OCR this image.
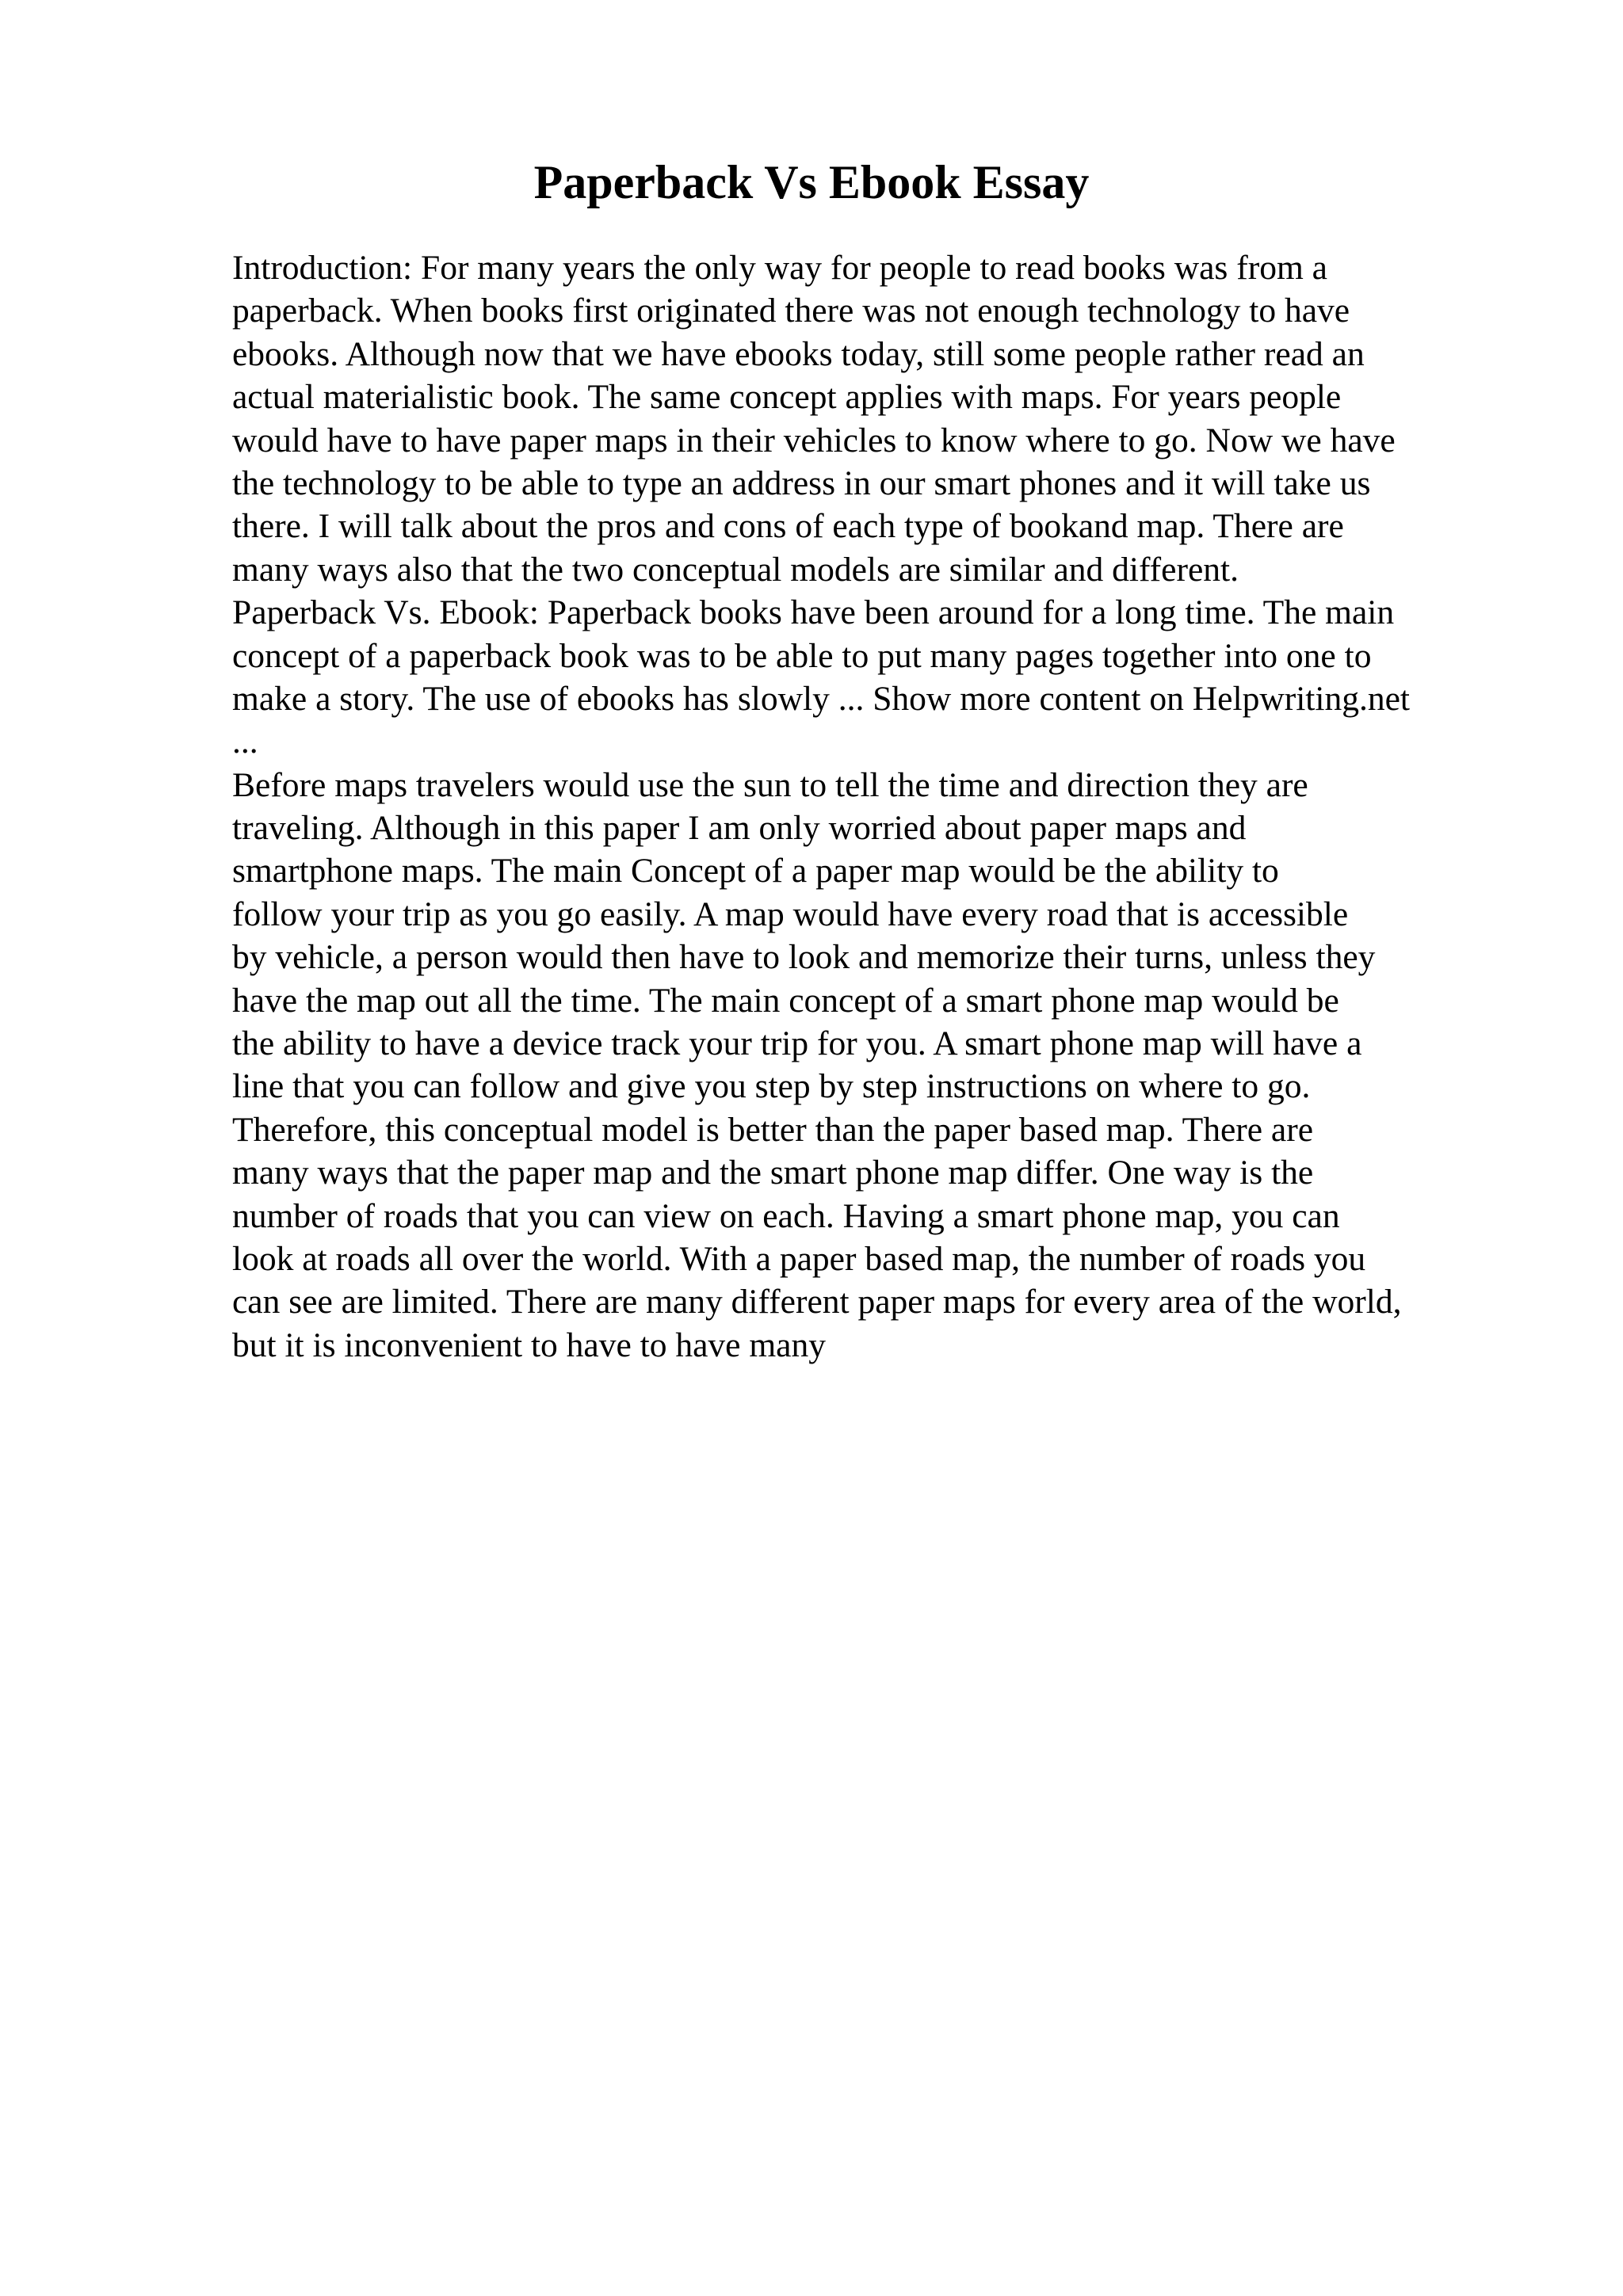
Paperback Vs Ebook Essay
Introduction: For many years the only way for people to read books was from a
paperback. When books first originated there was not enough technology to have
ebooks. Although now that we have ebooks today, still some people rather read an
actual materialistic book. The same concept applies with maps. For years people
would have to have paper maps in their vehicles to know where to go. Now we have
the technology to be able to type an address in our smart phones and it will take us
there. I will talk about the pros and cons of each type of bookand map. There are
many ways also that the two conceptual models are similar and different.
Paperback Vs. Ebook: Paperback books have been around for a long time. The main
concept of a paperback book was to be able to put many pages together into one to
make a story. The use of ebooks has slowly ... Show more content on Helpwriting.net
...
Before maps travelers would use the sun to tell the time and direction they are
traveling. Although in this paper I am only worried about paper maps and
smartphone maps. The main Concept of a paper map would be the ability to
follow your trip as you go easily. A map would have every road that is accessible
by vehicle, a person would then have to look and memorize their turns, unless they
have the map out all the time. The main concept of a smart phone map would be
the ability to have a device track your trip for you. A smart phone map will have a
line that you can follow and give you step by step instructions on where to go.
Therefore, this conceptual model is better than the paper based map. There are
many ways that the paper map and the smart phone map differ. One way is the
number of roads that you can view on each. Having a smart phone map, you can
look at roads all over the world. With a paper based map, the number of roads you
can see are limited. There are many different paper maps for every area of the world,
but it is inconvenient to have to have many
